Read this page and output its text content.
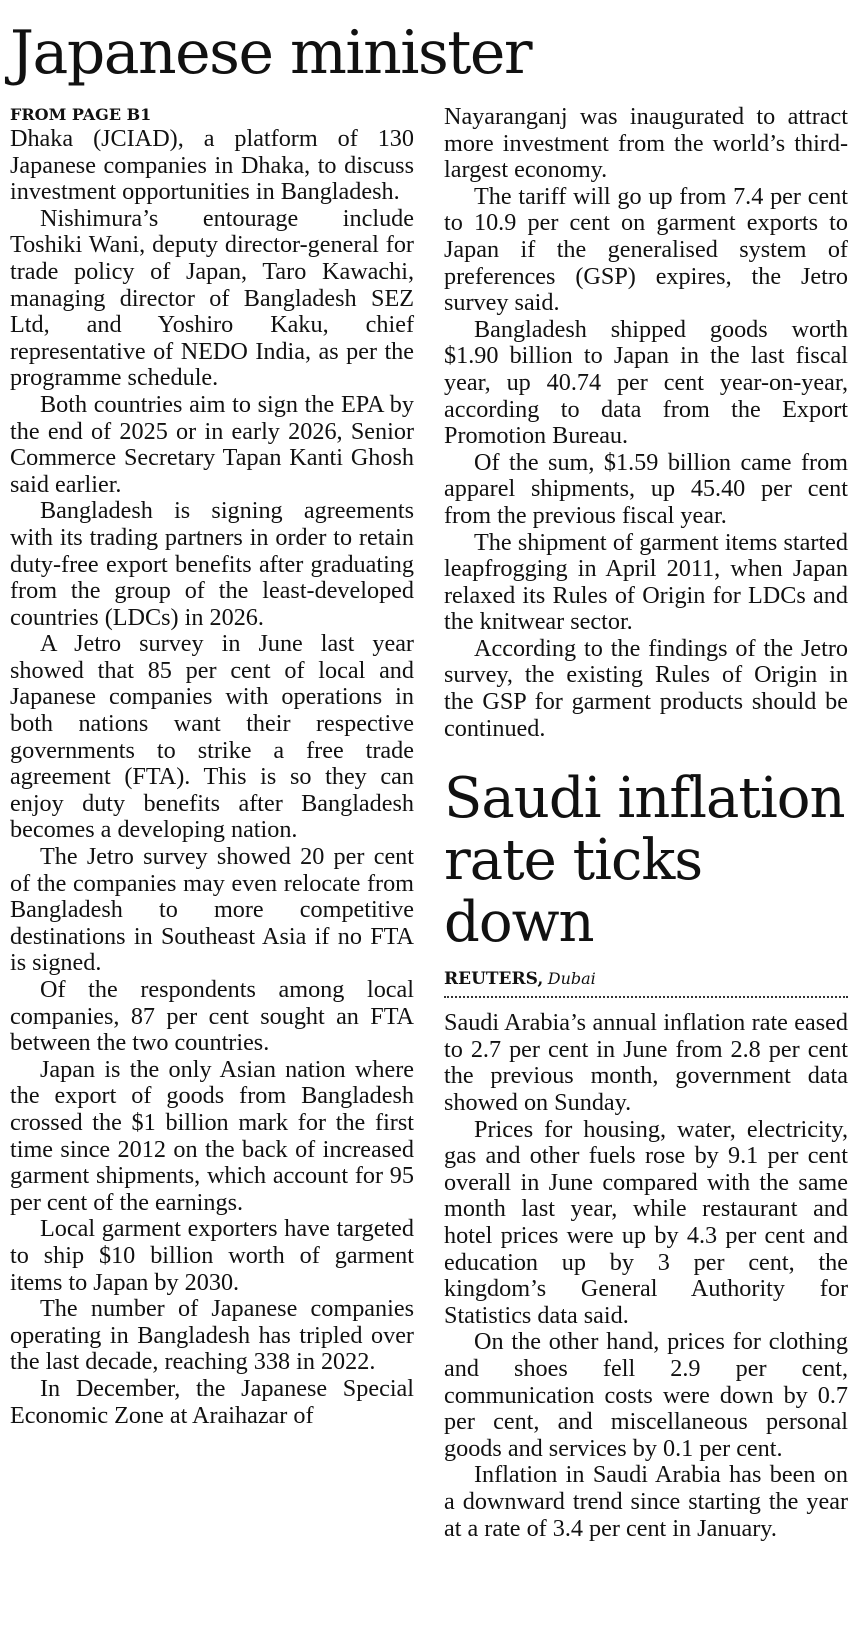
Japanese minister
FROM PAGE B1

Dhaka (JCIAD), a platform of 130 Japanese companies in Dhaka, to discuss investment opportunities in Bangladesh.

Nishimura’s entourage include Toshiki Wani, deputy director-general for trade policy of Japan, Taro Kawachi, managing director of Bangladesh SEZ Ltd, and Yoshiro Kaku, chief representative of NEDO India, as per the programme schedule.

Both countries aim to sign the EPA by the end of 2025 or in early 2026, Senior Commerce Secretary Tapan Kanti Ghosh said earlier.

Bangladesh is signing agreements with its trading partners in order to retain duty-free export benefits after graduating from the group of the least-developed countries (LDCs) in 2026.

A Jetro survey in June last year showed that 85 per cent of local and Japanese companies with operations in both nations want their respective governments to strike a free trade agreement (FTA). This is so they can enjoy duty benefits after Bangladesh becomes a developing nation.

The Jetro survey showed 20 per cent of the companies may even relocate from Bangladesh to more competitive destinations in Southeast Asia if no FTA is signed.

Of the respondents among local companies, 87 per cent sought an FTA between the two countries.

Japan is the only Asian nation where the export of goods from Bangladesh crossed the $1 billion mark for the first time since 2012 on the back of increased garment shipments, which account for 95 per cent of the earnings.

Local garment exporters have targeted to ship $10 billion worth of garment items to Japan by 2030.

The number of Japanese companies operating in Bangladesh has tripled over the last decade, reaching 338 in 2022.

In December, the Japanese Special Economic Zone at Araihazar of

Nayaranganj was inaugurated to attract more investment from the world’s third-largest economy.

The tariff will go up from 7.4 per cent to 10.9 per cent on garment exports to Japan if the generalised system of preferences (GSP) expires, the Jetro survey said.

Bangladesh shipped goods worth $1.90 billion to Japan in the last fiscal year, up 40.74 per cent year-on-year, according to data from the Export Promotion Bureau.

Of the sum, $1.59 billion came from apparel shipments, up 45.40 per cent from the previous fiscal year.

The shipment of garment items started leapfrogging in April 2011, when Japan relaxed its Rules of Origin for LDCs and the knitwear sector.

According to the findings of the Jetro survey, the existing Rules of Origin in the GSP for garment products should be continued.

Saudi inflation rate ticks down
REUTERS, Dubai

Saudi Arabia’s annual inflation rate eased to 2.7 per cent in June from 2.8 per cent the previous month, government data showed on Sunday.

Prices for housing, water, electricity, gas and other fuels rose by 9.1 per cent overall in June compared with the same month last year, while restaurant and hotel prices were up by 4.3 per cent and education up by 3 per cent, the kingdom’s General Authority for Statistics data said.

On the other hand, prices for clothing and shoes fell 2.9 per cent, communication costs were down by 0.7 per cent, and miscellaneous personal goods and services by 0.1 per cent.

Inflation in Saudi Arabia has been on a downward trend since starting the year at a rate of 3.4 per cent in January.
